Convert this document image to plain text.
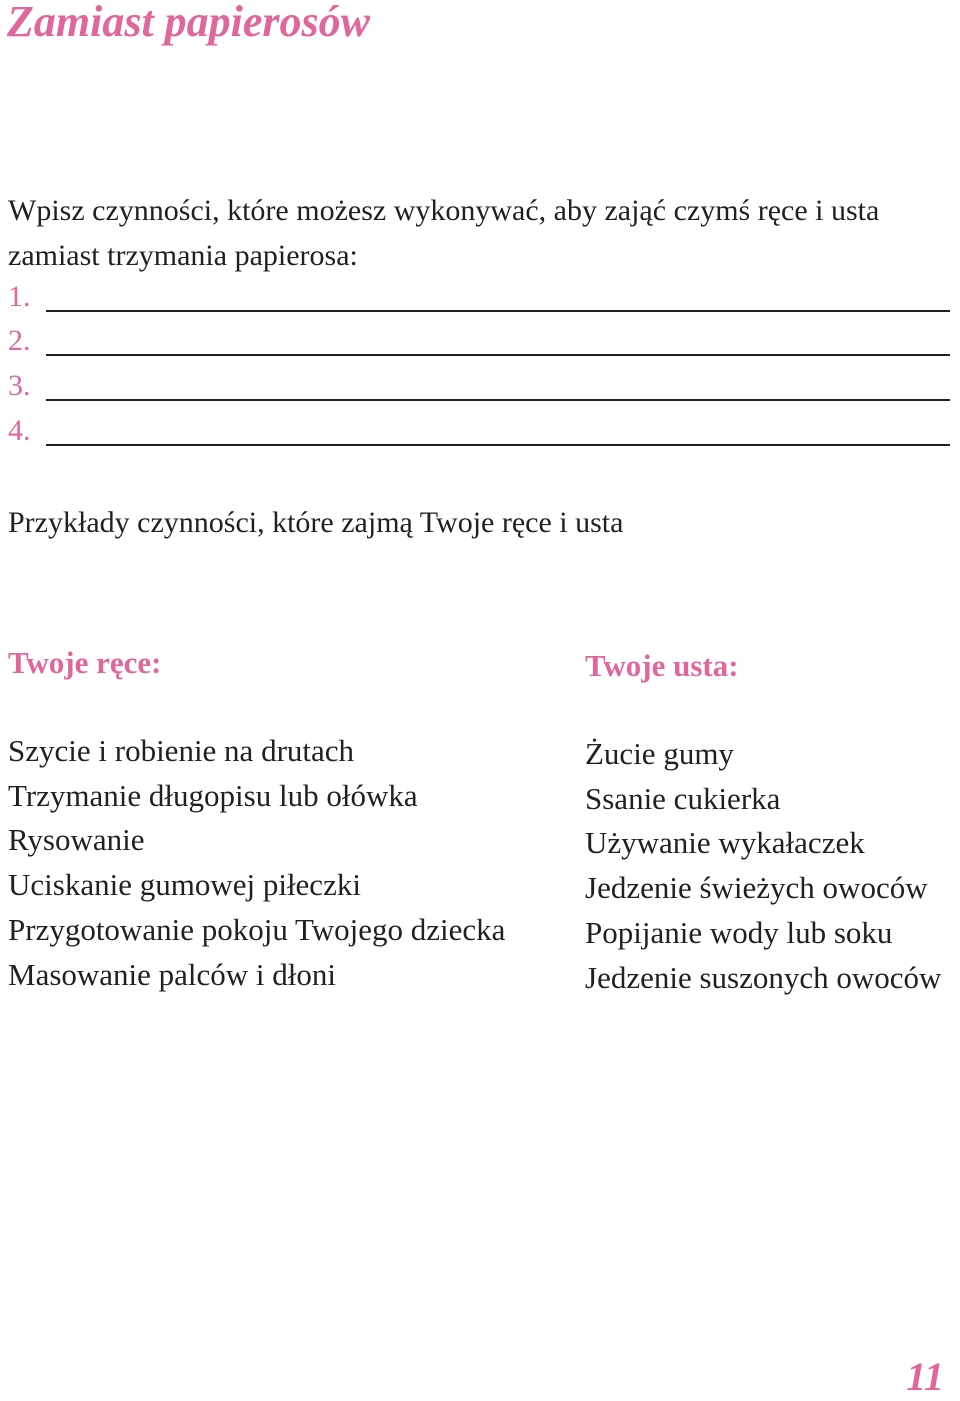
Zamiast papierosów
Wpisz czynności, które możesz wykonywać, aby zająć czymś ręce i usta zamiast trzymania papierosa:
1.
2.
3.
4.
Przykłady czynności, które zajmą Twoje ręce i usta
Twoje ręce:
Szycie i robienie na drutach
Trzymanie długopisu lub ołówka
Rysowanie
Uciskanie gumowej piłeczki
Przygotowanie pokoju Twojego dziecka
Masowanie palców i dłoni
Twoje usta:
Żucie gumy
Ssanie cukierka
Używanie wykałaczek
Jedzenie świeżych owoców
Popijanie wody lub soku
Jedzenie suszonych owoców
11
